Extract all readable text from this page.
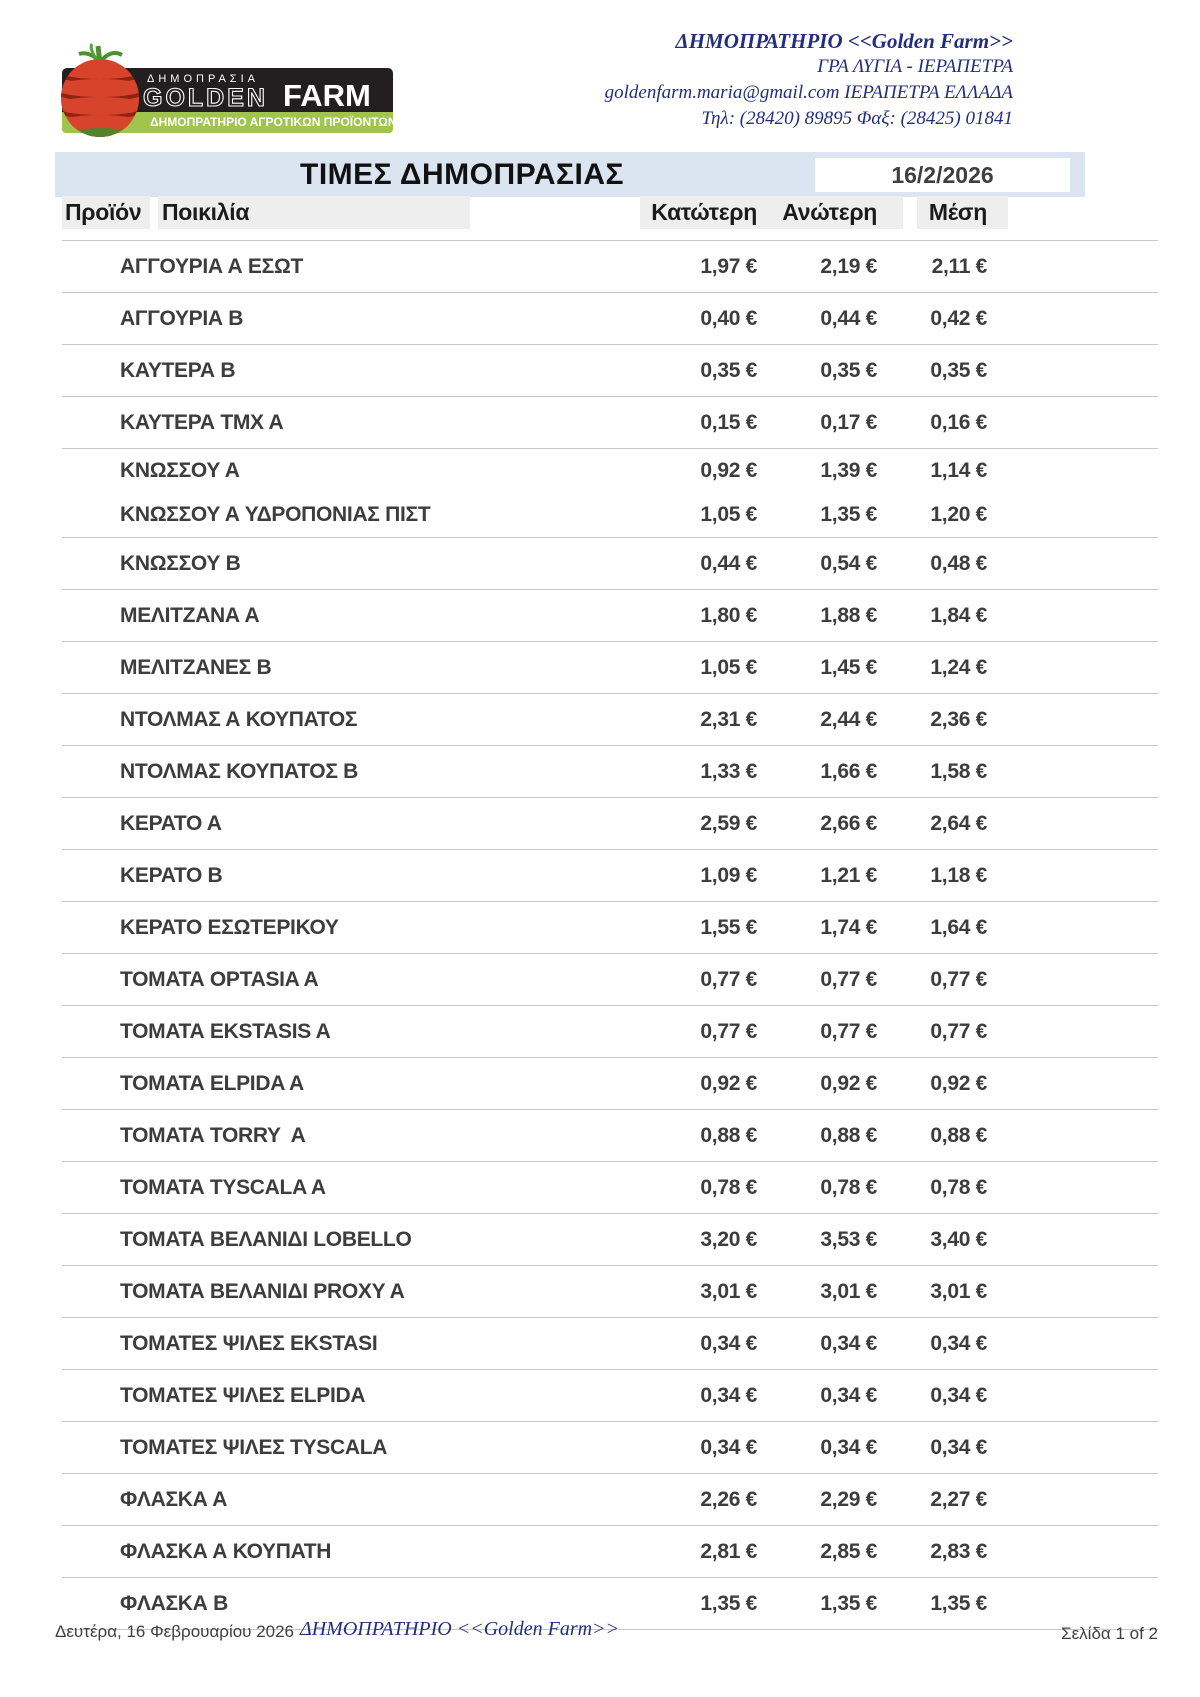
ΔΗΜΟΠΡΑΣΙΑ
GOLDEN FARM
ΔΗΜΟΠΡΑΤΗΡΙΟ ΑΓΡΟΤΙΚΩΝ ΠΡΟΪΟΝΤΩΝ
ΔΗΜΟΠΡΑΤΗΡΙΟ <<Golden Farm>>
ΓΡΑ ΛΥΓΙΑ - ΙΕΡΑΠΕΤΡΑ
goldenfarm.maria@gmail.com ΙΕΡΑΠΕΤΡΑ ΕΛΛΑΔΑ
Τηλ: (28420) 89895 Φαξ: (28425) 01841
ΤΙΜΕΣ ΔΗΜΟΠΡΑΣΙΑΣ	16/2/2026
Προϊόν Ποικιλία	Κατώτερη	Ανώτερη	Μέση
ΑΓΓΟΥΡΙΑ Α ΕΣΩΤ	1,97 €	2,19 €	2,11 €
ΑΓΓΟΥΡΙΑ Β	0,40 €	0,44 €	0,42 €
ΚΑΥΤΕΡΑ Β	0,35 €	0,35 €	0,35 €
ΚΑΥΤΕΡΑ ΤΜΧ Α	0,15 €	0,17 €	0,16 €
ΚΝΩΣΣΟΥ Α	0,92 €	1,39 €	1,14 €
ΚΝΩΣΣΟΥ Α ΥΔΡΟΠΟΝΙΑΣ ΠΙΣΤ	1,05 €	1,35 €	1,20 €
ΚΝΩΣΣΟΥ Β	0,44 €	0,54 €	0,48 €
ΜΕΛΙΤΖΑΝΑ Α	1,80 €	1,88 €	1,84 €
ΜΕΛΙΤΖΑΝΕΣ Β	1,05 €	1,45 €	1,24 €
ΝΤΟΛΜΑΣ Α ΚΟΥΠΑΤΟΣ	2,31 €	2,44 €	2,36 €
ΝΤΟΛΜΑΣ ΚΟΥΠΑΤΟΣ Β	1,33 €	1,66 €	1,58 €
ΚΕΡΑΤΟ Α	2,59 €	2,66 €	2,64 €
ΚΕΡΑΤΟ Β	1,09 €	1,21 €	1,18 €
ΚΕΡΑΤΟ ΕΣΩΤΕΡΙΚΟΥ	1,55 €	1,74 €	1,64 €
ΤΟΜΑΤΑ OPTASIA A	0,77 €	0,77 €	0,77 €
ΤΟΜΑΤΑ EKSTASIS A	0,77 €	0,77 €	0,77 €
ΤΟΜΑΤΑ ELPIDA A	0,92 €	0,92 €	0,92 €
ΤΟΜΑΤΑ TORRY  A	0,88 €	0,88 €	0,88 €
ΤΟΜΑΤΑ TYSCALA A	0,78 €	0,78 €	0,78 €
ΤΟΜΑΤΑ ΒΕΛΑΝΙΔΙ LOBELLO	3,20 €	3,53 €	3,40 €
ΤΟΜΑΤΑ ΒΕΛΑΝΙΔΙ PROXY A	3,01 €	3,01 €	3,01 €
ΤΟΜΑΤΕΣ ΨΙΛΕΣ EKSTASI	0,34 €	0,34 €	0,34 €
ΤΟΜΑΤΕΣ ΨΙΛΕΣ ELPIDA	0,34 €	0,34 €	0,34 €
ΤΟΜΑΤΕΣ ΨΙΛΕΣ TYSCALA	0,34 €	0,34 €	0,34 €
ΦΛΑΣΚΑ Α	2,26 €	2,29 €	2,27 €
ΦΛΑΣΚΑ Α ΚΟΥΠΑΤΗ	2,81 €	2,85 €	2,83 €
ΦΛΑΣΚΑ Β	1,35 €	1,35 €	1,35 €
Δευτέρα, 16 Φεβρουαρίου 2026 ΔΗΜΟΠΡΑΤΗΡΙΟ <<Golden Farm>>	Σελίδα 1 of 2
